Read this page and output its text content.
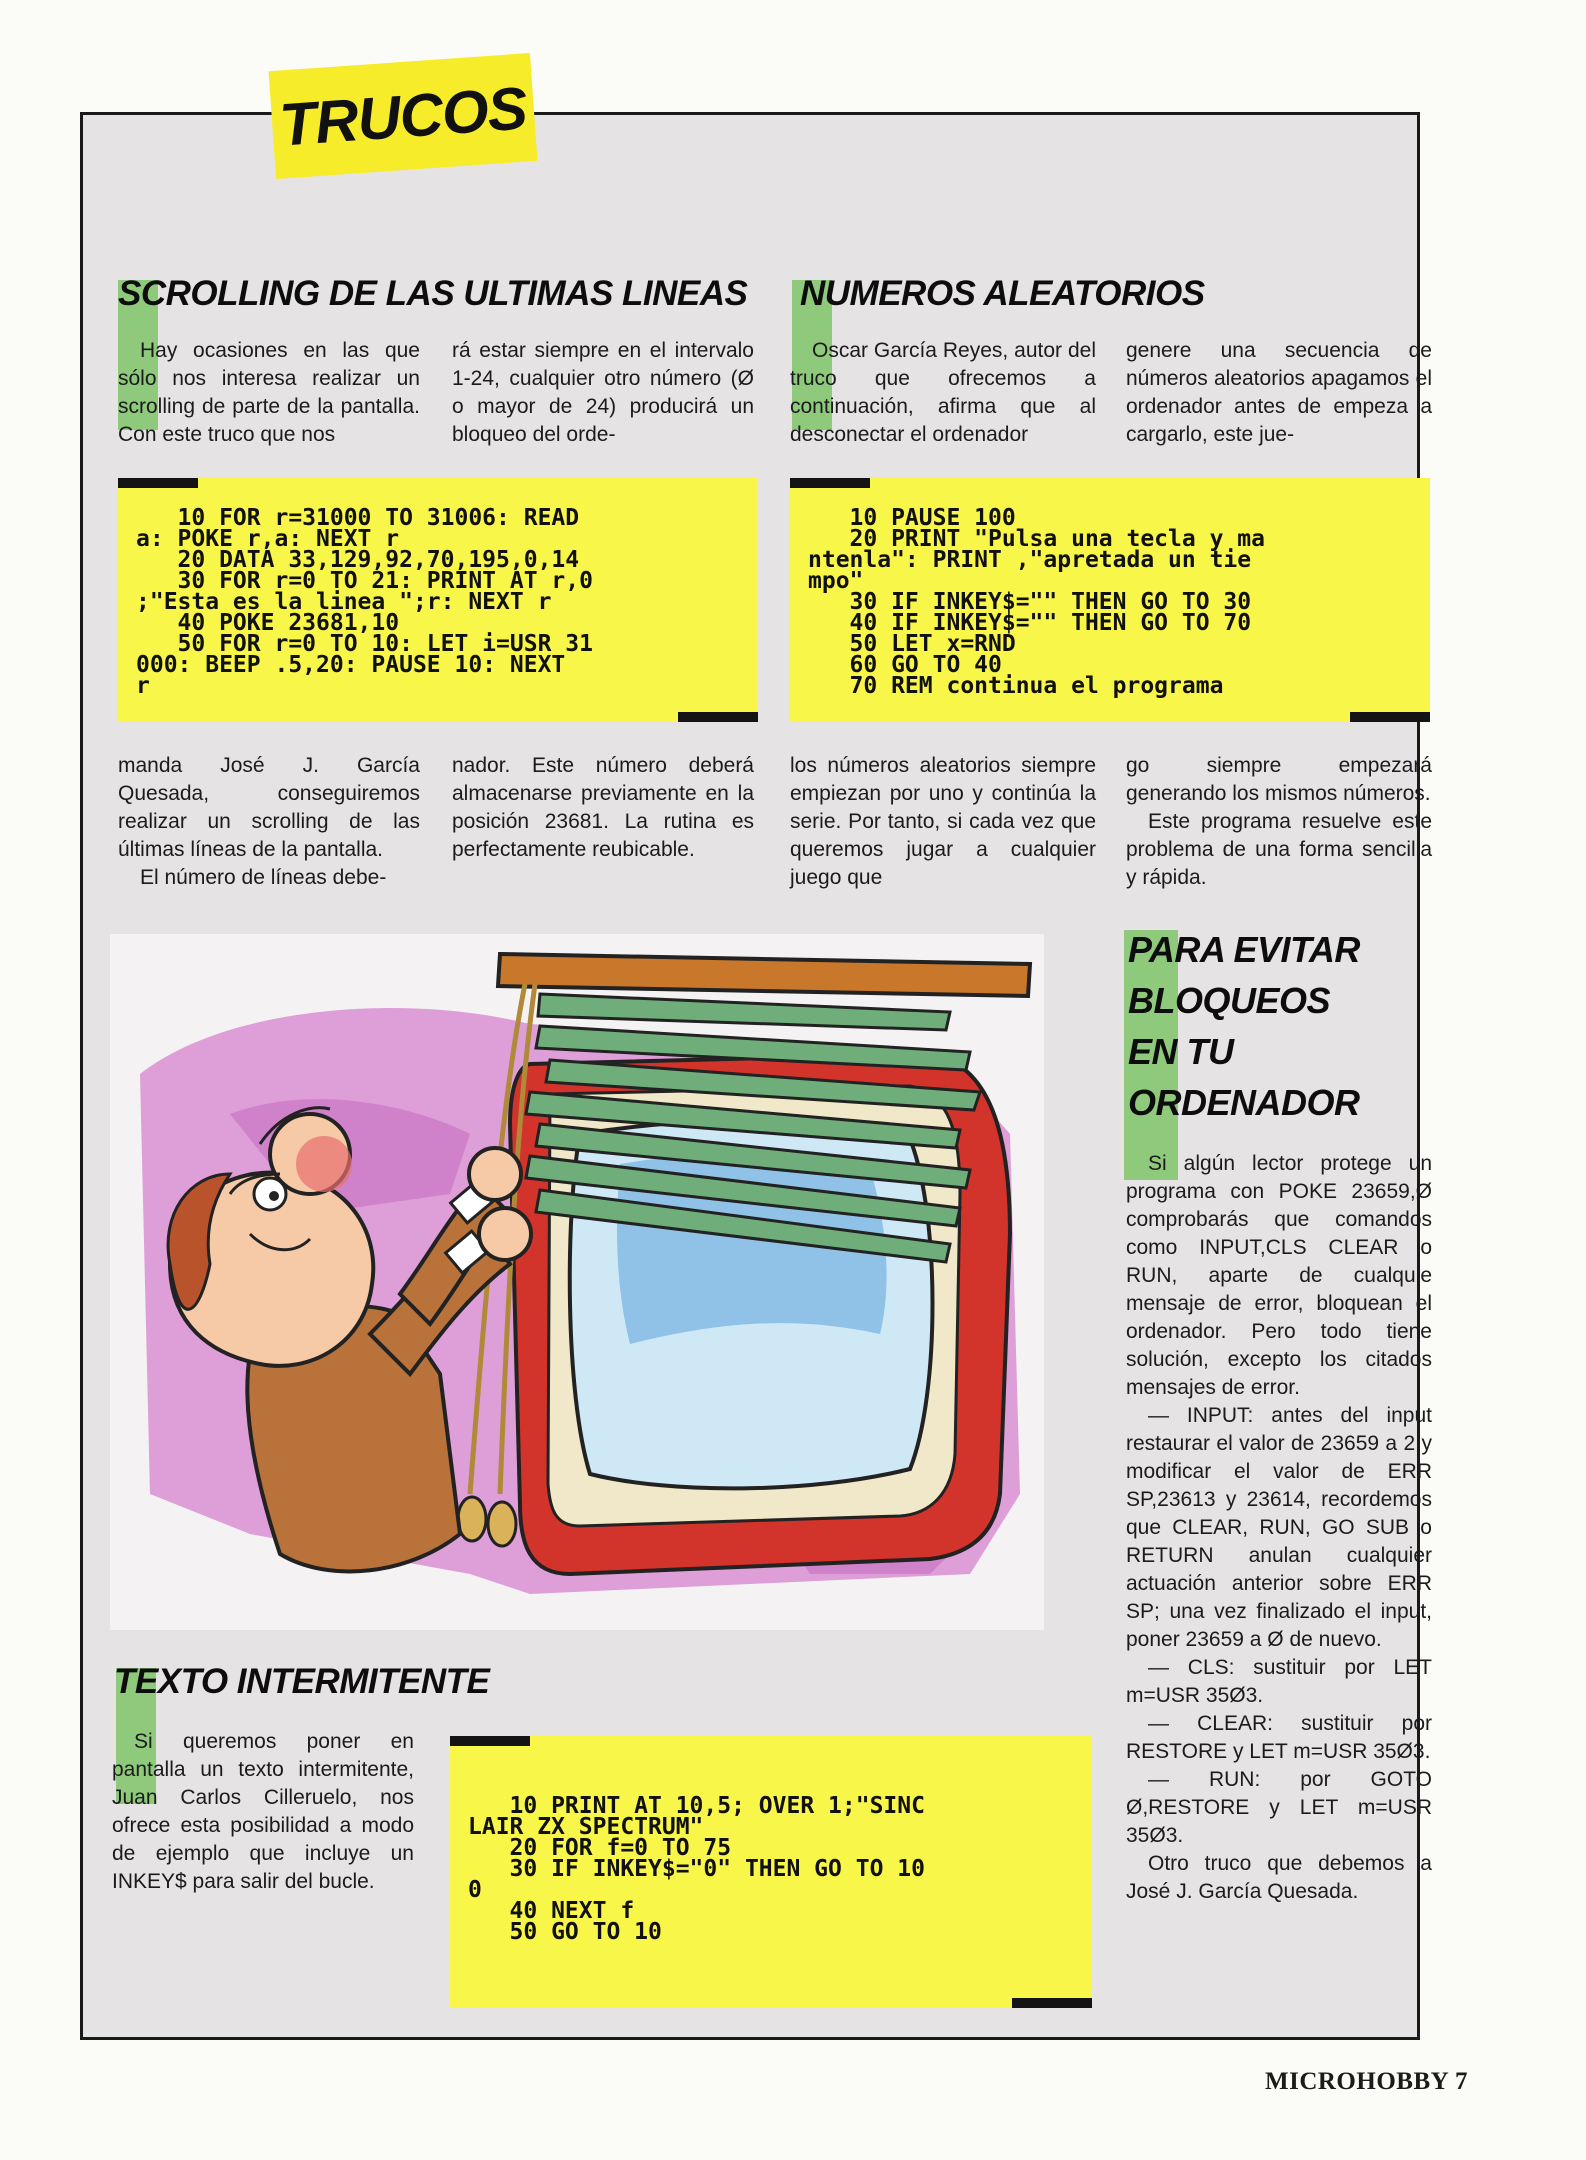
TRUCOS
SCROLLING DE LAS ULTIMAS LINEAS

Hay ocasiones en las que sólo nos interesa realizar un scrolling de parte de la pantalla. Con este truco que nos

rá estar siempre en el intervalo 1-24, cualquier otro número (Ø o mayor de 24) producirá un bloqueo del orde-

10 FOR r=31000 TO 31006: READ
a: POKE r,a: NEXT r
20 DATA 33,129,92,70,195,0,14
30 FOR r=0 TO 21: PRINT AT r,0
;"Esta es la linea ";r: NEXT r
40 POKE 23681,10
50 FOR r=0 TO 10: LET i=USR 31
000: BEEP .5,20: PAUSE 10: NEXT
r

manda José J. García Quesada, conseguiremos realizar un scrolling de las últimas líneas de la pantalla.

El número de líneas debe-

nador. Este número deberá almacenarse previamente en la posición 23681. La rutina es perfectamente reubicable.

NUMEROS ALEATORIOS

Oscar García Reyes, autor del truco que ofrecemos a continuación, afirma que al desconectar el ordenador

genere una secuencia de números aleatorios apagamos el ordenador antes de empeza a cargarlo, este jue-

10 PAUSE 100
20 PRINT "Pulsa una tecla y ma
ntenla": PRINT ,"apretada un tie
mpo"
30 IF INKEY$="" THEN GO TO 30
40 IF INKEY$="" THEN GO TO 70
50 LET x=RND
60 GO TO 40
70 REM continua el programa

los números aleatorios siempre empiezan por uno y continúa la serie. Por tanto, si cada vez que queremos jugar a cualquier juego que

go siempre empezará generando los mismos números.

Este programa resuelve este problema de una forma sencilla y rápida.

PARA EVITAR
BLOQUEOS
EN TU
ORDENADOR

Si algún lector protege un programa con POKE 23659,Ø comprobarás que comandos como INPUT,CLS CLEAR o RUN, aparte de cualquie mensaje de error, bloquean el ordenador. Pero todo tiene solución, excepto los citados mensajes de error.

— INPUT: antes del input restaurar el valor de 23659 a 2 y modificar el valor de ERR SP,23613 y 23614, recordemos que CLEAR, RUN, GO SUB o RETURN anulan cualquier actuación anterior sobre ERR SP; una vez finalizado el input, poner 23659 a Ø de nuevo.

— CLS: sustituir por LET m=USR 35Ø3.

— CLEAR: sustituir por RESTORE y LET m=USR 35Ø3.

— RUN: por GOTO Ø,RESTORE y LET m=USR 35Ø3.

Otro truco que debemos a José J. García Quesada.

TEXTO INTERMITENTE

Si queremos poner en pantalla un texto intermitente, Juan Carlos Cilleruelo, nos ofrece esta posibilidad a modo de ejemplo que incluye un INKEY$ para salir del bucle.

10 PRINT AT 10,5; OVER 1;"SINC
LAIR ZX SPECTRUM"
20 FOR f=0 TO 75
30 IF INKEY$="0" THEN GO TO 10
0
40 NEXT f
50 GO TO 10
MICROHOBBY 7
